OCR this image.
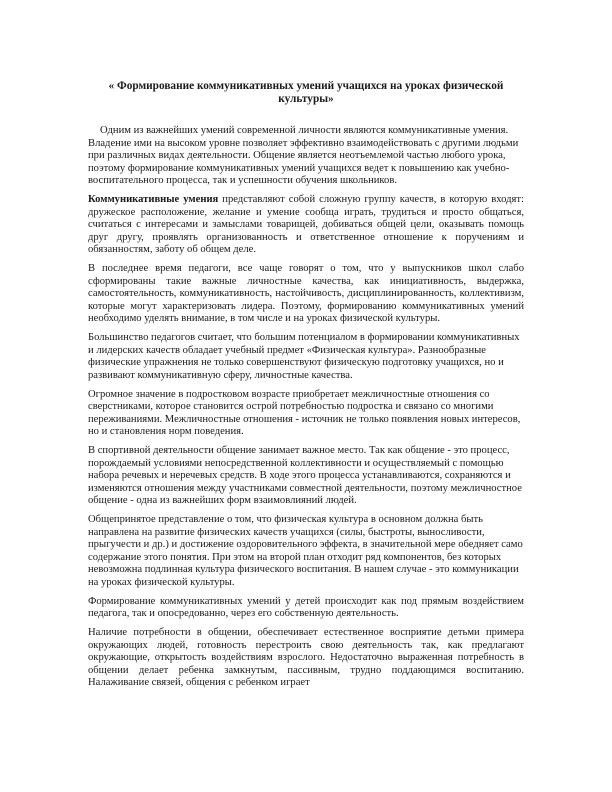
« Формирование коммуникативных умений учащихся на уроках физической культуры»

Одним из важнейших умений современной личности являются коммуникативные умения. Владение ими на высоком уровне позволяет эффективно взаимодействовать с другими людьми при различных видах деятельности. Общение является неотъемлемой частью любого урока, поэтому формирование коммуникативных умений учащихся ведет к повышению как учебно-воспитательного процесса, так и успешности обучения школьников.

Коммуникативные умения представляют собой сложную группу качеств, в которую входят: дружеское расположение, желание и умение сообща играть, трудиться и просто общаться, считаться с интересами и замыслами товарищей, добиваться общей цели, оказывать помощь друг другу, проявлять организованность и ответственное отношение к поручениям и обязанностям, заботу об общем деле.

В последнее время педагоги, все чаще говорят о том, что у выпускников школ слабо сформированы такие важные личностные качества, как инициативность, выдержка, самостоятельность, коммуникативность, настойчивость, дисциплинированность, коллективизм, которые могут характеризовать лидера. Поэтому, формированию коммуникативных умений необходимо уделять внимание, в том числе и на уроках физической культуры.

Большинство педагогов считает, что большим потенциалом в формировании коммуникативных и лидерских качеств обладает учебный предмет «Физическая культура». Разнообразные физические упражнения не только совершенствуют физическую подготовку учащихся, но и развивают коммуникативную сферу, личностные качества.

Огромное значение в подростковом возрасте приобретает межличностные отношения со сверстниками, которое становится острой потребностью подростка и связано со многими переживаниями. Межличностные отношения - источник не только появления новых интересов, но и становления норм поведения.

В спортивной деятельности общение занимает важное место. Так как общение - это процесс, порождаемый условиями непосредственной коллективности и осуществляемый с помощью набора речевых и неречевых средств. В ходе этого процесса устанавливаются, сохраняются и изменяются отношения между участниками совместной деятельности, поэтому межличностное общение - одна из важнейших форм взаимовлияний людей.

Общепринятое представление о том, что физическая культура в основном должна быть направлена на развитие физических качеств учащихся (силы, быстроты, выносливости, прыгучести и др.) и достижение оздоровительного эффекта, в значительной мере обедняет само содержание этого понятия. При этом на второй план отходит ряд компонентов, без которых невозможна подлинная культура физического воспитания. В нашем случае - это коммуникации на уроках физической культуры.

Формирование коммуникативных умений у детей происходит как под прямым воздействием педагога, так и опосредованно, через его собственную деятельность.

Наличие потребности в общении, обеспечивает естественное восприятие детьми примера окружающих людей, готовность перестроить свою деятельность так, как предлагают окружающие, открытость воздействиям взрослого. Недостаточно выраженная потребность в общении делает ребенка замкнутым, пассивным, трудно поддающимся воспитанию. Налаживание связей, общения с ребенком играет
